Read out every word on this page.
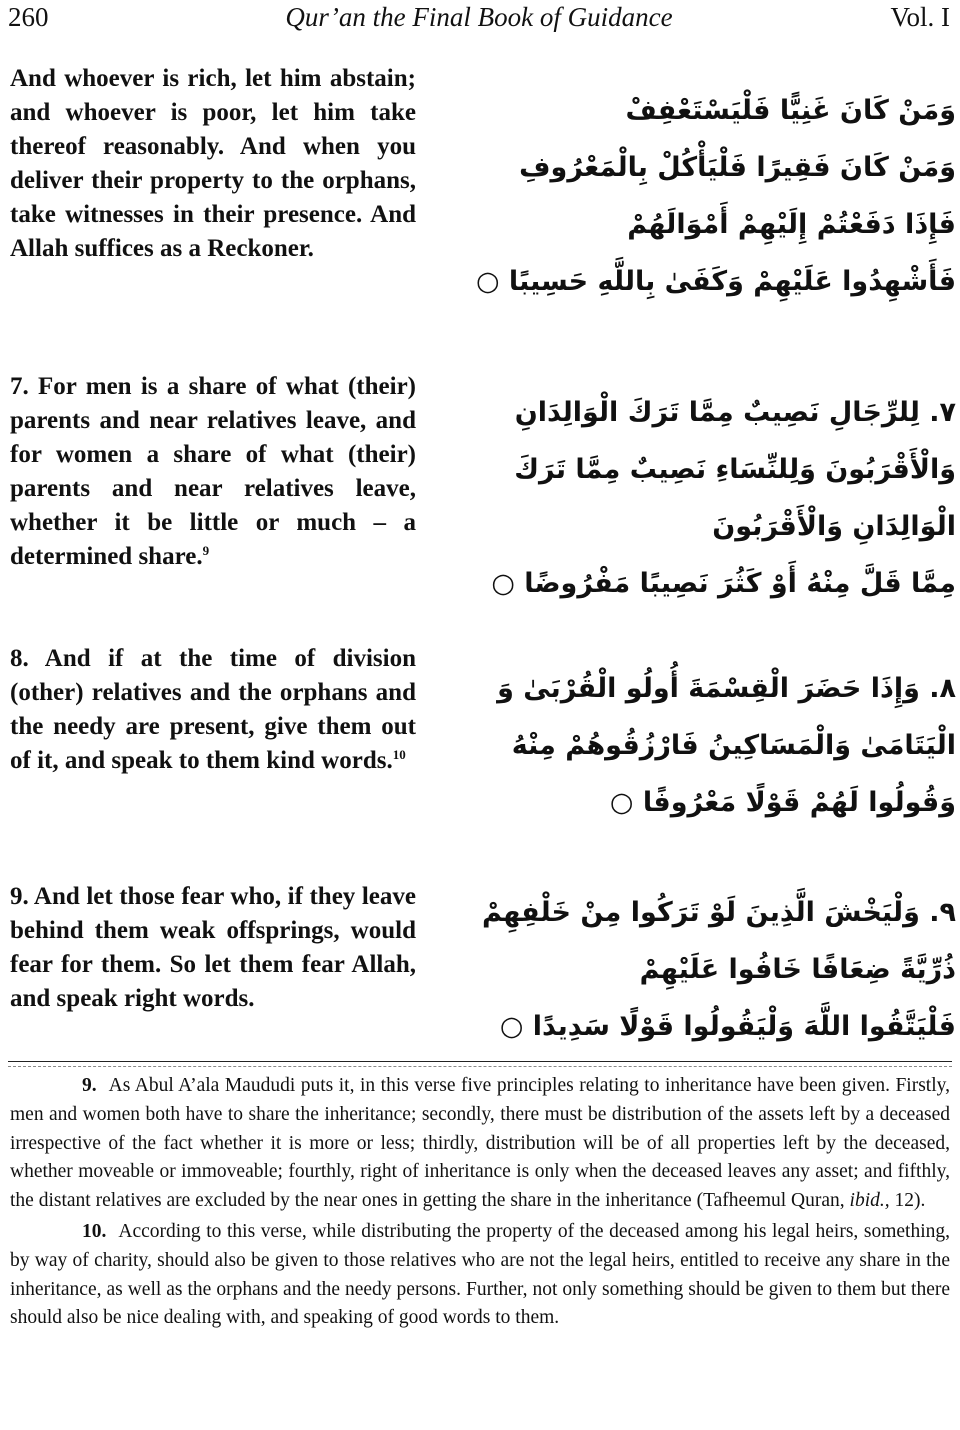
260	Qur’an the Final Book of Guidance	Vol. I
And whoever is rich, let him abstain; and whoever is poor, let him take thereof reasonably. And when you deliver their property to the orphans, take witnesses in their presence. And Allah suffices as a Reckoner.
وَمَنْ كَانَ غَنِيًّا فَلْيَسْتَعْفِفْ
وَمَنْ كَانَ فَقِيرًا فَلْيَأْكُلْ بِالْمَعْرُوفِ
فَإِذَا دَفَعْتُمْ إِلَيْهِمْ أَمْوَالَهُمْ
فَأَشْهِدُوا عَلَيْهِمْ وَكَفَىٰ بِاللَّهِ حَسِيبًا ○
7. For men is a share of what (their) parents and near relatives leave, and for women a share of what (their) parents and near relatives leave, whether it be little or much – a determined share.$^9$
٧. لِلرِّجَالِ نَصِيبٌ مِمَّا تَرَكَ الْوَالِدَانِ
وَالْأَقْرَبُونَ وَلِلنِّسَاءِ نَصِيبٌ مِمَّا تَرَكَ
الْوَالِدَانِ وَالْأَقْرَبُونَ
مِمَّا قَلَّ مِنْهُ أَوْ كَثُرَ نَصِيبًا مَفْرُوضًا ○
8. And if at the time of division (other) relatives and the orphans and the needy are present, give them out of it, and speak to them kind words.$^{10}$
٨. وَإِذَا حَضَرَ الْقِسْمَةَ أُولُو الْقُرْبَىٰ وَ
الْيَتَامَىٰ وَالْمَسَاكِينُ فَارْزُقُوهُمْ مِنْهُ
وَقُولُوا لَهُمْ قَوْلًا مَعْرُوفًا ○
9. And let those fear who, if they leave behind them weak offsprings, would fear for them. So let them fear Allah, and speak right words.
٩. وَلْيَخْشَ الَّذِينَ لَوْ تَرَكُوا مِنْ خَلْفِهِمْ
ذُرِّيَّةً ضِعَافًا خَافُوا عَلَيْهِمْ
فَلْيَتَّقُوا اللَّهَ وَلْيَقُولُوا قَوْلًا سَدِيدًا ○

9. As Abul A’ala Maududi puts it, in this verse five principles relating to inheritance have been given. Firstly, men and women both have to share the inheritance; secondly, there must be distribution of the assets left by a deceased irrespective of the fact whether it is more or less; thirdly, distribution will be of all properties left by the deceased, whether moveable or immoveable; fourthly, right of inheritance is only when the deceased leaves any asset; and fifthly, the distant relatives are excluded by the near ones in getting the share in the inheritance (Tafheemul Quran, ibid., 12).

10. According to this verse, while distributing the property of the deceased among his legal heirs, something, by way of charity, should also be given to those relatives who are not the legal heirs, entitled to receive any share in the inheritance, as well as the orphans and the needy persons. Further, not only something should be given to them but there should also be nice dealing with, and speaking of good words to them.
